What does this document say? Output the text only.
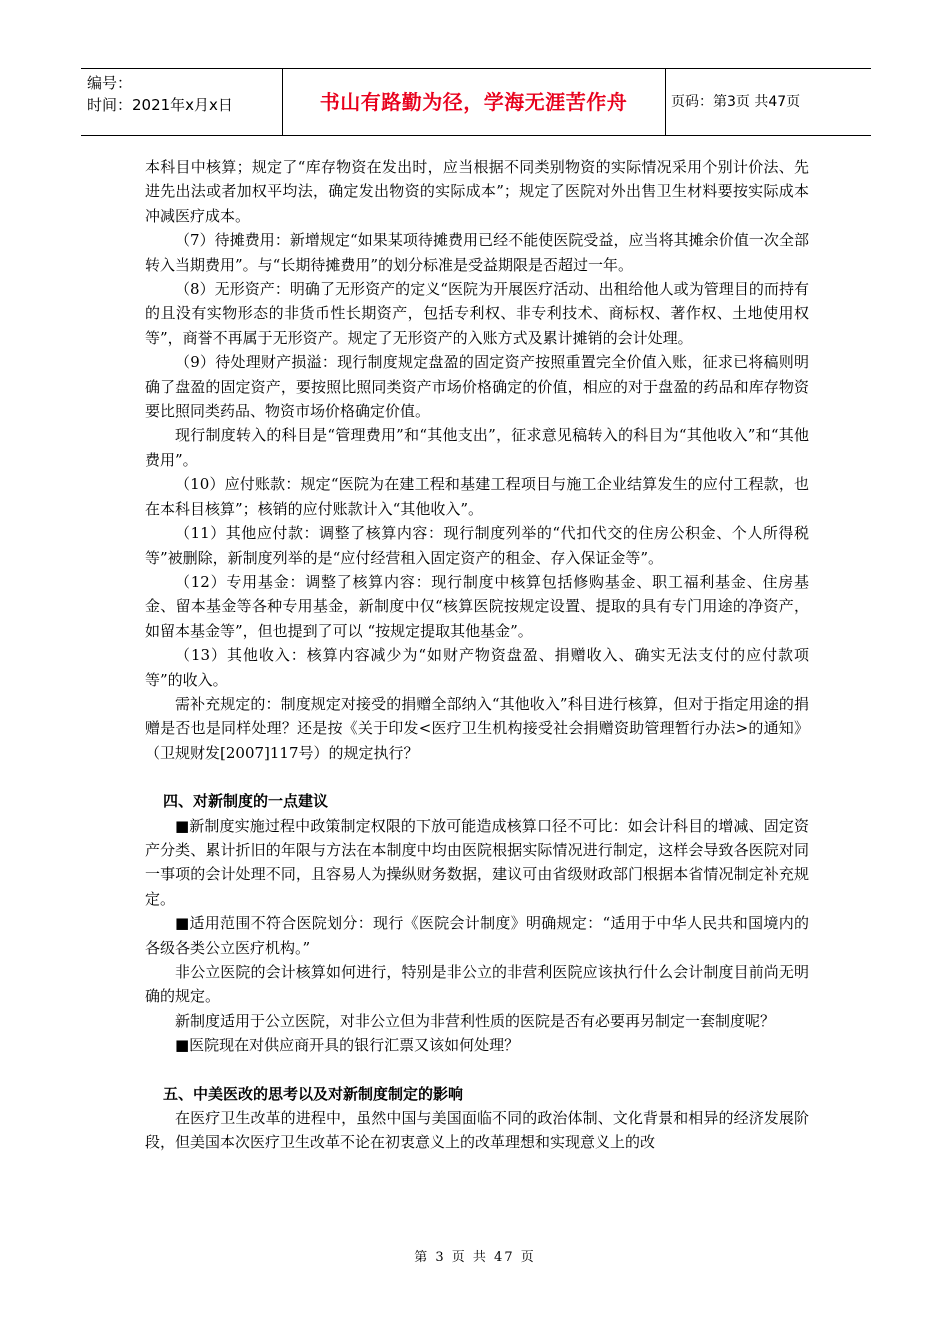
编号：
时间：2021年x月x日	书山有路勤为径，学海无涯苦作舟	页码：第3页 共47页

本科目中核算；规定了“库存物资在发出时，应当根据不同类别物资的实际情况采用个别计价法、先进先出法或者加权平均法，确定发出物资的实际成本”；规定了医院对外出售卫生材料要按实际成本冲减医疗成本。

（7）待摊费用：新增规定“如果某项待摊费用已经不能使医院受益，应当将其摊余价值一次全部转入当期费用”。与“长期待摊费用”的划分标准是受益期限是否超过一年。

（8）无形资产：明确了无形资产的定义“医院为开展医疗活动、出租给他人或为管理目的而持有的且没有实物形态的非货币性长期资产，包括专利权、非专利技术、商标权、著作权、土地使用权等”，商誉不再属于无形资产。规定了无形资产的入账方式及累计摊销的会计处理。

（9）待处理财产损溢：现行制度规定盘盈的固定资产按照重置完全价值入账，征求已将稿则明确了盘盈的固定资产，要按照比照同类资产市场价格确定的价值，相应的对于盘盈的药品和库存物资要比照同类药品、物资市场价格确定价值。

现行制度转入的科目是“管理费用”和“其他支出”，征求意见稿转入的科目为“其他收入”和“其他费用”。

（10）应付账款：规定“医院为在建工程和基建工程项目与施工企业结算发生的应付工程款，也在本科目核算”；核销的应付账款计入“其他收入”。

（11）其他应付款：调整了核算内容：现行制度列举的“代扣代交的住房公积金、个人所得税等”被删除，新制度列举的是“应付经营租入固定资产的租金、存入保证金等”。

（12）专用基金：调整了核算内容：现行制度中核算包括修购基金、职工福利基金、住房基金、留本基金等各种专用基金，新制度中仅“核算医院按规定设置、提取的具有专门用途的净资产，如留本基金等”，但也提到了可以 “按规定提取其他基金”。

（13）其他收入：核算内容减少为“如财产物资盘盈、捐赠收入、确实无法支付的应付款项等”的收入。

需补充规定的：制度规定对接受的捐赠全部纳入“其他收入”科目进行核算，但对于指定用途的捐赠是否也是同样处理？还是按《关于印发<医疗卫生机构接受社会捐赠资助管理暂行办法>的通知》（卫规财发[2007]117号）的规定执行？

四、对新制度的一点建议

■新制度实施过程中政策制定权限的下放可能造成核算口径不可比：如会计科目的增减、固定资产分类、累计折旧的年限与方法在本制度中均由医院根据实际情况进行制定，这样会导致各医院对同一事项的会计处理不同，且容易人为操纵财务数据，建议可由省级财政部门根据本省情况制定补充规定。

■适用范围不符合医院划分：现行《医院会计制度》明确规定：“适用于中华人民共和国境内的各级各类公立医疗机构。”

非公立医院的会计核算如何进行，特别是非公立的非营利医院应该执行什么会计制度目前尚无明确的规定。

新制度适用于公立医院，对非公立但为非营利性质的医院是否有必要再另制定一套制度呢？

■医院现在对供应商开具的银行汇票又该如何处理？

五、中美医改的思考以及对新制度制定的影响

在医疗卫生改革的进程中，虽然中国与美国面临不同的政治体制、文化背景和相异的经济发展阶段，但美国本次医疗卫生改革不论在初衷意义上的改革理想和实现意义上的改

第 3 页 共 47 页
